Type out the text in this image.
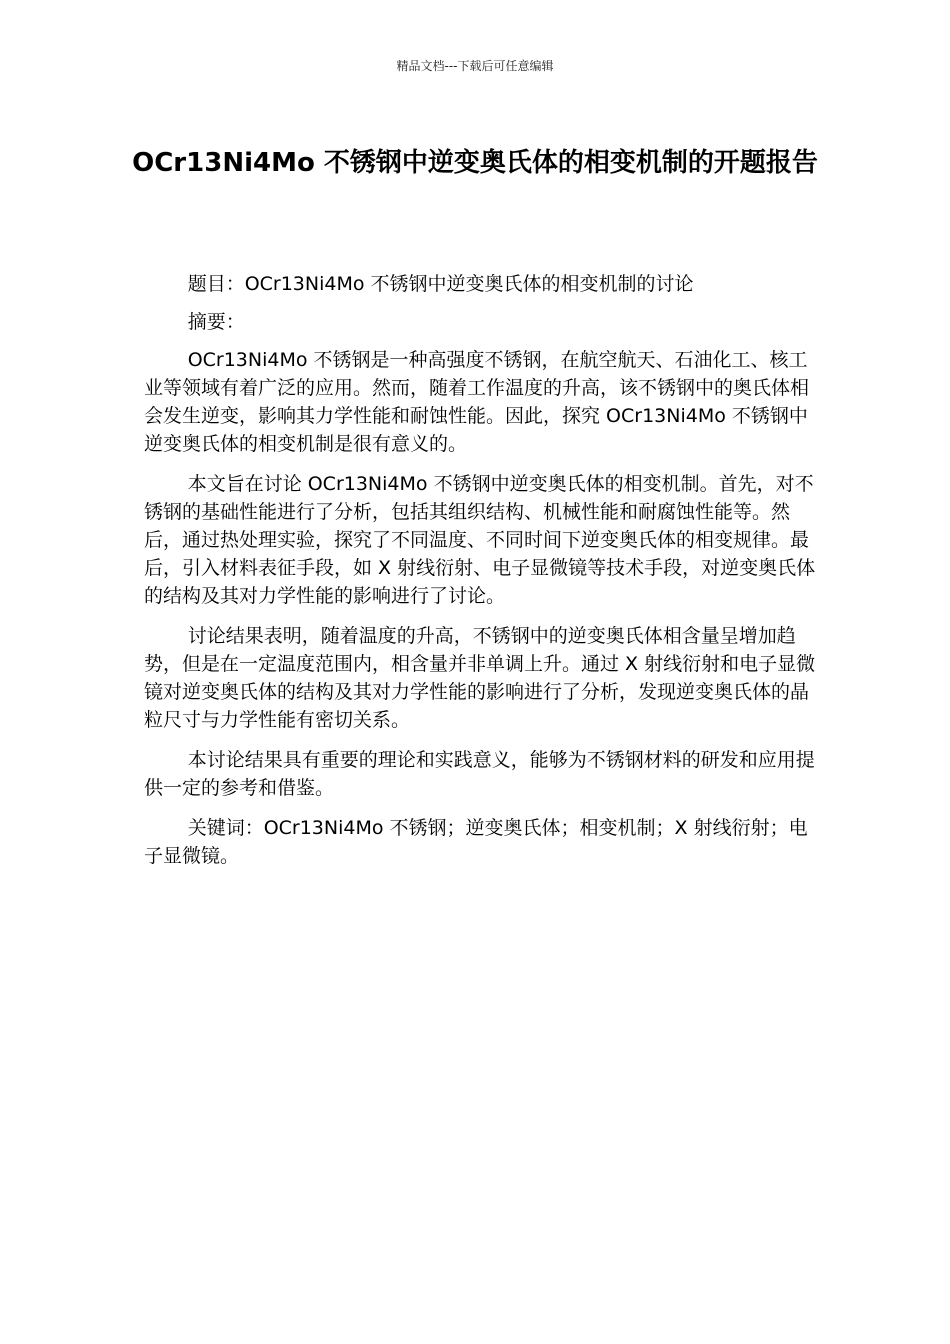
精品文档---下载后可任意编辑
OCr13Ni4Mo 不锈钢中逆变奥氏体的相变机制的开题报告

题目：OCr13Ni4Mo 不锈钢中逆变奥氏体的相变机制的讨论

摘要：

OCr13Ni4Mo 不锈钢是一种高强度不锈钢，在航空航天、石油化工、核工业等领域有着广泛的应用。然而，随着工作温度的升高，该不锈钢中的奥氏体相会发生逆变，影响其力学性能和耐蚀性能。因此，探究 OCr13Ni4Mo 不锈钢中逆变奥氏体的相变机制是很有意义的。

本文旨在讨论 OCr13Ni4Mo 不锈钢中逆变奥氏体的相变机制。首先，对不锈钢的基础性能进行了分析，包括其组织结构、机械性能和耐腐蚀性能等。然后，通过热处理实验，探究了不同温度、不同时间下逆变奥氏体的相变规律。最后，引入材料表征手段，如 X 射线衍射、电子显微镜等技术手段，对逆变奥氏体的结构及其对力学性能的影响进行了讨论。

讨论结果表明，随着温度的升高，不锈钢中的逆变奥氏体相含量呈增加趋势，但是在一定温度范围内，相含量并非单调上升。通过 X 射线衍射和电子显微镜对逆变奥氏体的结构及其对力学性能的影响进行了分析，发现逆变奥氏体的晶粒尺寸与力学性能有密切关系。

本讨论结果具有重要的理论和实践意义，能够为不锈钢材料的研发和应用提供一定的参考和借鉴。

关键词：OCr13Ni4Mo 不锈钢；逆变奥氏体；相变机制；X 射线衍射；电子显微镜。
